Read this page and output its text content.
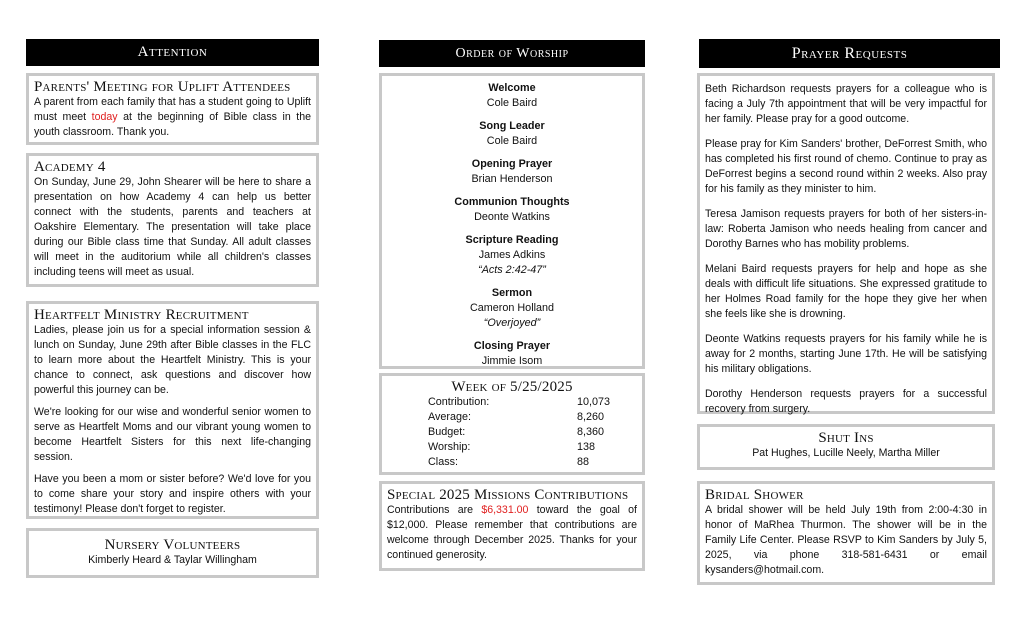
Attention
Parents' Meeting for Uplift Attendees
A parent from each family that has a student going to Uplift must meet today at the beginning of Bible class in the youth classroom. Thank you.
Academy 4
On Sunday, June 29, John Shearer will be here to share a presentation on how Academy 4 can help us better connect with the students, parents and teachers at Oakshire Elementary. The presentation will take place during our Bible class time that Sunday. All adult classes will meet in the auditorium while all children's classes including teens will meet as usual.
Heartfelt Ministry Recruitment

Ladies, please join us for a special information session & lunch on Sunday, June 29th after Bible classes in the FLC to learn more about the Heartfelt Ministry. This is your chance to connect, ask questions and discover how powerful this journey can be.

We're looking for our wise and wonderful senior women to serve as Heartfelt Moms and our vibrant young women to become Heartfelt Sisters for this next life-changing session.

Have you been a mom or sister before? We'd love for you to come share your story and inspire others with your testimony! Please don't forget to register.

Nursery Volunteers
Kimberly Heard & Taylar Willingham
Order of Worship
Welcome
Cole Baird
Song Leader
Cole Baird
Opening Prayer
Brian Henderson
Communion Thoughts
Deonte Watkins
Scripture Reading
James Adkins
“Acts 2:42-47”
Sermon
Cameron Holland
“Overjoyed”
Closing Prayer
Jimmie Isom
Week of 5/25/2025
Contribution:	10,073
Average:	8,260
Budget:	8,360
Worship:	138
Class:	88
Special 2025 Missions Contributions
Contributions are $6,331.00 toward the goal of $12,000. Please remember that contributions are welcome through December 2025. Thanks for your continued generosity.
Prayer Requests

Beth Richardson requests prayers for a colleague who is facing a July 7th appointment that will be very impactful for her family. Please pray for a good outcome.

Please pray for Kim Sanders' brother, DeForrest Smith, who has completed his first round of chemo. Continue to pray as DeForrest begins a second round within 2 weeks. Also pray for his family as they minister to him.

Teresa Jamison requests prayers for both of her sisters-in-law: Roberta Jamison who needs healing from cancer and Dorothy Barnes who has mobility problems.

Melani Baird requests prayers for help and hope as she deals with difficult life situations. She expressed gratitude to her Holmes Road family for the hope they give her when she feels like she is drowning.

Deonte Watkins requests prayers for his family while he is away for 2 months, starting June 17th. He will be satisfying his military obligations.

Dorothy Henderson requests prayers for a successful recovery from surgery.

Shut Ins
Pat Hughes, Lucille Neely, Martha Miller
Bridal Shower
A bridal shower will be held July 19th from 2:00-4:30 in honor of MaRhea Thurmon. The shower will be in the Family Life Center. Please RSVP to Kim Sanders by July 5, 2025, via phone 318-581-6431 or email kysanders@hotmail.com.
